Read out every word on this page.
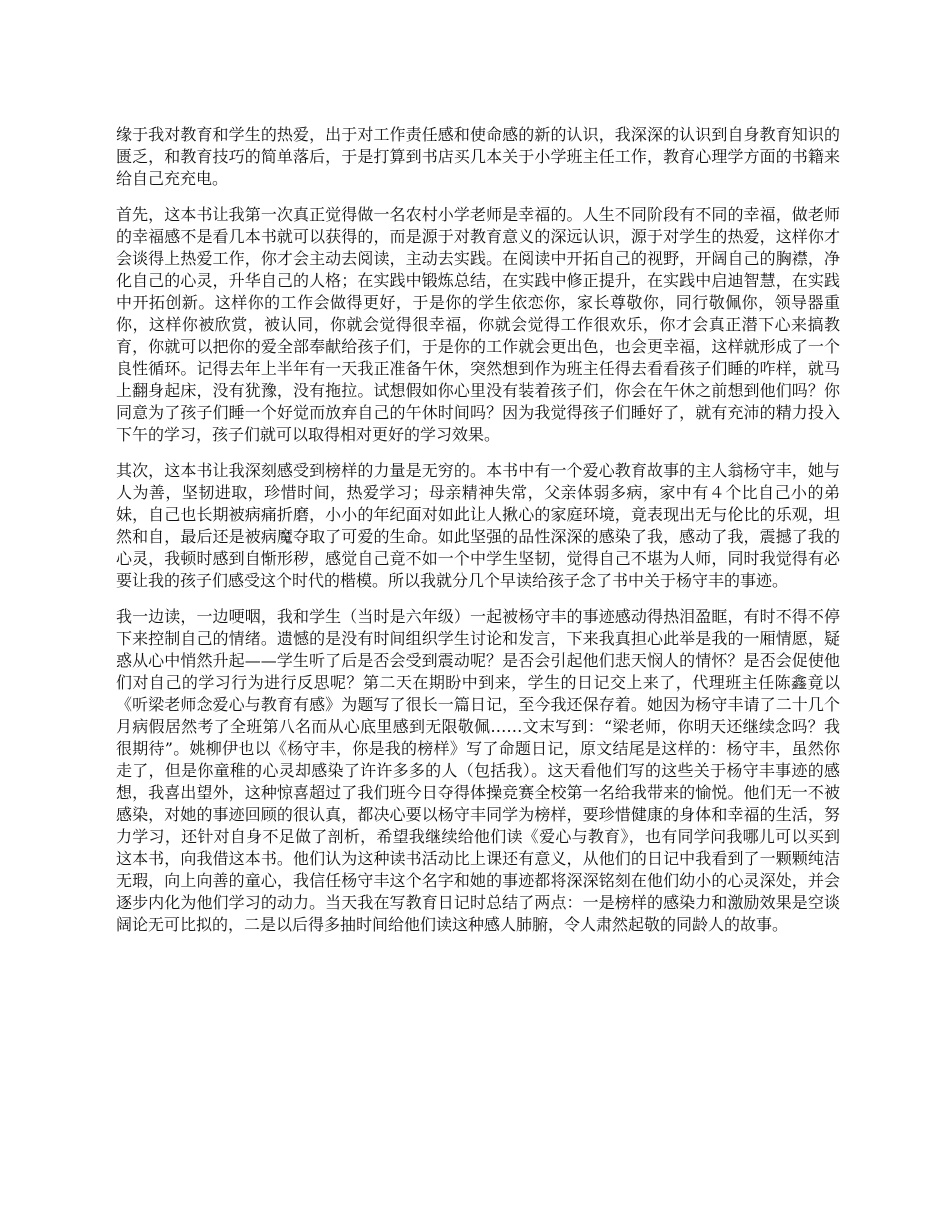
缘于我对教育和学生的热爱，出于对工作责任感和使命感的新的认识，我深深的认识到自身教育知识的匮乏，和教育技巧的简单落后，于是打算到书店买几本关于小学班主任工作，教育心理学方面的书籍来给自己充充电。

首先，这本书让我第一次真正觉得做一名农村小学老师是幸福的。人生不同阶段有不同的幸福，做老师的幸福感不是看几本书就可以获得的，而是源于对教育意义的深远认识，源于对学生的热爱，这样你才会谈得上热爱工作，你才会主动去阅读，主动去实践。在阅读中开拓自己的视野，开阔自己的胸襟，净化自己的心灵，升华自己的人格；在实践中锻炼总结，在实践中修正提升，在实践中启迪智慧，在实践中开拓创新。这样你的工作会做得更好，于是你的学生依恋你，家长尊敬你，同行敬佩你，领导器重你，这样你被欣赏，被认同，你就会觉得很幸福，你就会觉得工作很欢乐，你才会真正潜下心来搞教育，你就可以把你的爱全部奉献给孩子们，于是你的工作就会更出色，也会更幸福，这样就形成了一个良性循环。记得去年上半年有一天我正准备午休，突然想到作为班主任得去看看孩子们睡的咋样，就马上翻身起床，没有犹豫，没有拖拉。试想假如你心里没有装着孩子们，你会在午休之前想到他们吗？你同意为了孩子们睡一个好觉而放弃自己的午休时间吗？因为我觉得孩子们睡好了，就有充沛的精力投入下午的学习，孩子们就可以取得相对更好的学习效果。

其次，这本书让我深刻感受到榜样的力量是无穷的。本书中有一个爱心教育故事的主人翁杨守丰，她与人为善，坚韧进取，珍惜时间，热爱学习；母亲精神失常，父亲体弱多病，家中有４个比自己小的弟妹，自己也长期被病痛折磨，小小的年纪面对如此让人揪心的家庭环境，竟表现出无与伦比的乐观，坦然和自，最后还是被病魔夺取了可爱的生命。如此坚强的品性深深的感染了我，感动了我，震撼了我的心灵，我顿时感到自惭形秽，感觉自己竟不如一个中学生坚韧，觉得自己不堪为人师，同时我觉得有必要让我的孩子们感受这个时代的楷模。所以我就分几个早读给孩子念了书中关于杨守丰的事迹。

我一边读，一边哽咽，我和学生（当时是六年级）一起被杨守丰的事迹感动得热泪盈眶，有时不得不停下来控制自己的情绪。遗憾的是没有时间组织学生讨论和发言，下来我真担心此举是我的一厢情愿，疑惑从心中悄然升起——学生听了后是否会受到震动呢？是否会引起他们悲天悯人的情怀？是否会促使他们对自己的学习行为进行反思呢？第二天在期盼中到来，学生的日记交上来了，代理班主任陈鑫竟以《听梁老师念爱心与教育有感》为题写了很长一篇日记，至今我还保存着。她因为杨守丰请了二十几个月病假居然考了全班第八名而从心底里感到无限敬佩……文末写到：“梁老师，你明天还继续念吗？我很期待”。姚柳伊也以《杨守丰，你是我的榜样》写了命题日记，原文结尾是这样的：杨守丰，虽然你走了，但是你童稚的心灵却感染了许许多多的人（包括我）。这天看他们写的这些关于杨守丰事迹的感想，我喜出望外，这种惊喜超过了我们班今日夺得体操竞赛全校第一名给我带来的愉悦。他们无一不被感染，对她的事迹回顾的很认真，都决心要以杨守丰同学为榜样，要珍惜健康的身体和幸福的生活，努力学习，还针对自身不足做了剖析，希望我继续给他们读《爱心与教育》，也有同学问我哪儿可以买到这本书，向我借这本书。他们认为这种读书活动比上课还有意义，从他们的日记中我看到了一颗颗纯洁无瑕，向上向善的童心，我信任杨守丰这个名字和她的事迹都将深深铭刻在他们幼小的心灵深处，并会逐步内化为他们学习的动力。当天我在写教育日记时总结了两点：一是榜样的感染力和激励效果是空谈阔论无可比拟的，二是以后得多抽时间给他们读这种感人肺腑，令人肃然起敬的同龄人的故事。
